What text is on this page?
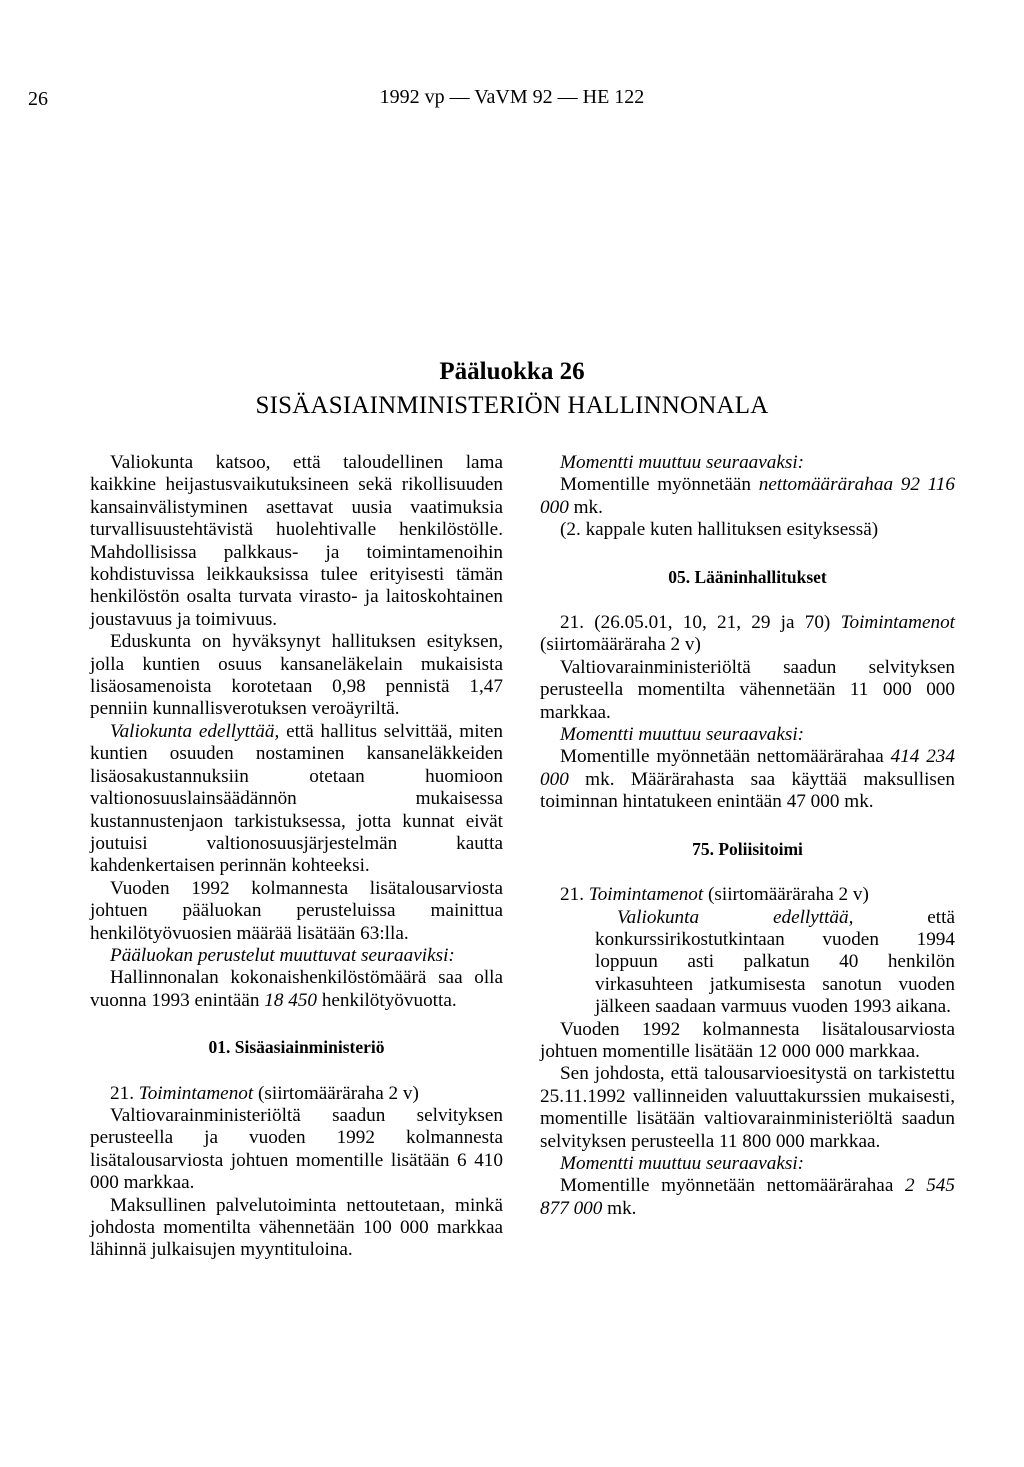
26	1992 vp — VaVM 92 — HE 122
Pääluokka 26
SISÄASIAINMINISTERIÖN HALLINNONALA

Valiokunta katsoo, että taloudellinen lama kaikkine heijastusvaikutuksineen sekä rikollisuuden kansainvälistyminen asettavat uusia vaatimuksia turvallisuustehtävistä huolehtivalle henkilöstölle. Mahdollisissa palkkaus- ja toimintamenoihin kohdistuvissa leikkauksissa tulee erityisesti tämän henkilöstön osalta turvata virasto- ja laitoskohtainen joustavuus ja toimivuus.

Eduskunta on hyväksynyt hallituksen esityksen, jolla kuntien osuus kansaneläkelain mukaisista lisäosamenoista korotetaan 0,98 pennistä 1,47 penniin kunnallisverotuksen veroäyriltä.

Valiokunta edellyttää, että hallitus selvittää, miten kuntien osuuden nostaminen kansaneläkkeiden lisäosakustannuksiin otetaan huomioon valtionosuuslainsäädännön mukaisessa kustannustenjaon tarkistuksessa, jotta kunnat eivät joutuisi valtionosuusjärjestelmän kautta kahdenkertaisen perinnän kohteeksi.

Vuoden 1992 kolmannesta lisätalousarviosta johtuen pääluokan perusteluissa mainittua henkilötyövuosien määrää lisätään 63:lla.

Pääluokan perustelut muuttuvat seuraaviksi:

Hallinnonalan kokonaishenkilöstömäärä saa olla vuonna 1993 enintään 18 450 henkilötyövuotta.

01. Sisäasiainministeriö

21. Toimintamenot (siirtomääräraha 2 v)

Valtiovarainministeriöltä saadun selvityksen perusteella ja vuoden 1992 kolmannesta lisätalousarviosta johtuen momentille lisätään 6 410 000 markkaa.

Maksullinen palvelutoiminta nettoutetaan, minkä johdosta momentilta vähennetään 100 000 markkaa lähinnä julkaisujen myyntituloina.

Momentti muuttuu seuraavaksi:

Momentille myönnetään nettomäärärahaa 92 116 000 mk.

(2. kappale kuten hallituksen esityksessä)

05. Lääninhallitukset

21. (26.05.01, 10, 21, 29 ja 70) Toimintamenot (siirtomääräraha 2 v)

Valtiovarainministeriöltä saadun selvityksen perusteella momentilta vähennetään 11 000 000 markkaa.

Momentti muuttuu seuraavaksi:

Momentille myönnetään nettomäärärahaa 414 234 000 mk. Määrärahasta saa käyttää maksullisen toiminnan hintatukeen enintään 47 000 mk.

75. Poliisitoimi

21. Toimintamenot (siirtomääräraha 2 v)

Valiokunta edellyttää, että konkurssirikostutkintaan vuoden 1994 loppuun asti palkatun 40 henkilön virkasuhteen jatkumisesta sanotun vuoden jälkeen saadaan varmuus vuoden 1993 aikana.

Vuoden 1992 kolmannesta lisätalousarviosta johtuen momentille lisätään 12 000 000 markkaa.

Sen johdosta, että talousarvioesitystä on tarkistettu 25.11.1992 vallinneiden valuuttakurssien mukaisesti, momentille lisätään valtiovarainministeriöltä saadun selvityksen perusteella 11 800 000 markkaa.

Momentti muuttuu seuraavaksi:

Momentille myönnetään nettomäärärahaa 2 545 877 000 mk.
